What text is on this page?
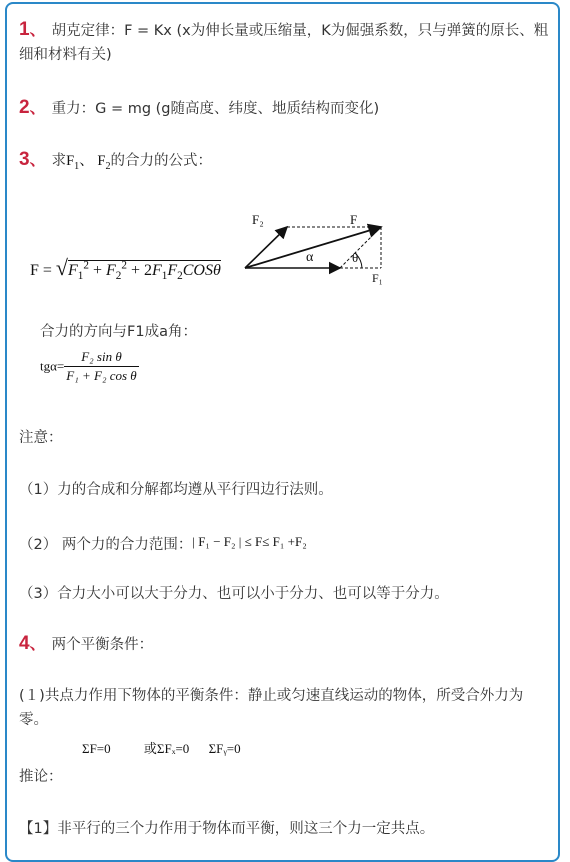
1、 胡克定律：F = Kx (x为伸长量或压缩量，K为倔强系数，只与弹簧的原长、粗细和材料有关)
2、 重力：G = mg (g随高度、纬度、地质结构而变化)
3、 求$F_1$、 $F_2$的合力的公式：
$F = √F_1^2 + F_2^2 + 2F_1F_2COS\theta$
F₂	F
α	θ
F₁
合力的方向与F1成a角：
$tg\alpha= \frac{\text{F₂ sin θ}}{\text{F₁ + F₂ cos θ}}$
注意：
（1）力的合成和分解都均遵从平行四边行法则。
（2） 两个力的合力范围：| F₁ − F₂ | ≤ F≤ F₁ +F₂
（3）合力大小可以大于分力、也可以小于分力、也可以等于分力。
4、 两个平衡条件：
(１)共点力作用下物体的平衡条件：静止或匀速直线运动的物体，所受合外力为零。
ΣF=0	或ΣFₓ=0 ΣFᵧ=0
推论：
【1】非平行的三个力作用于物体而平衡，则这三个力一定共点。
